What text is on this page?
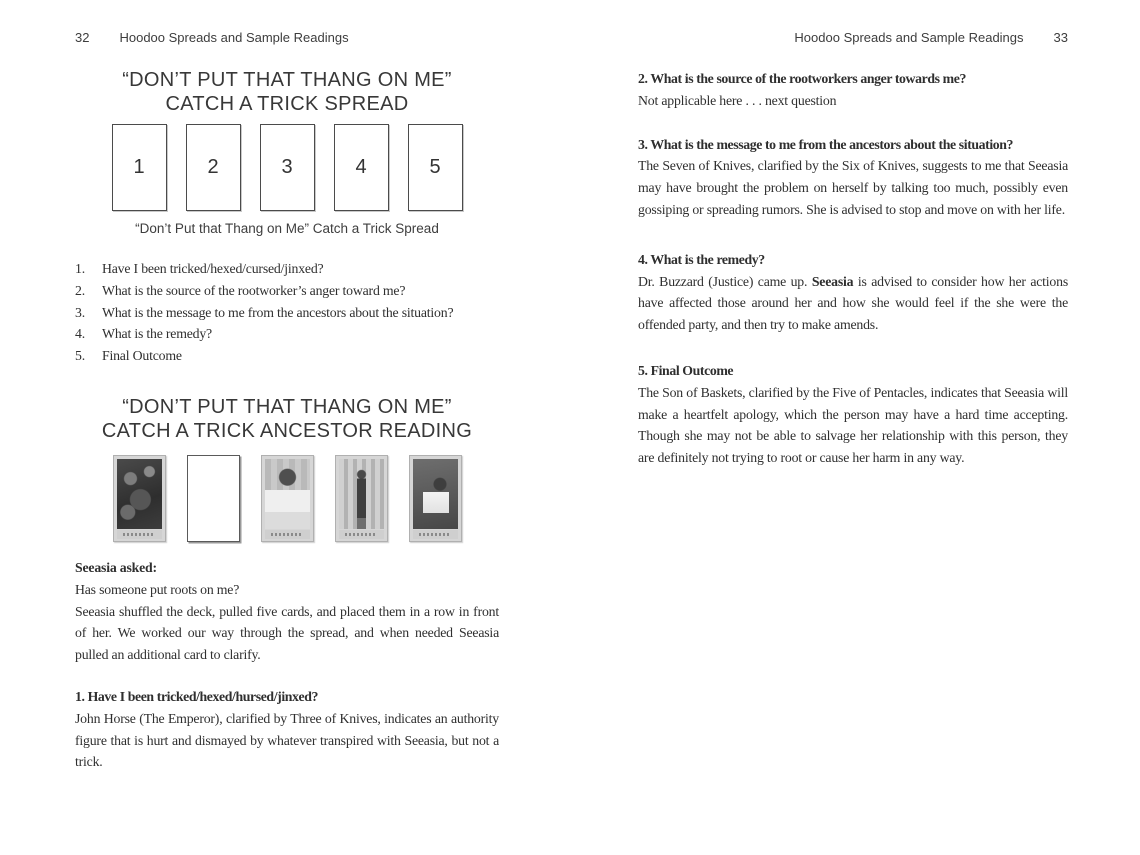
32 Hoodoo Spreads and Sample Readings
“DON’T PUT THAT THANG ON ME”
CATCH A TRICK SPREAD
1	2	3	4	5
“Don’t Put that Thang on Me” Catch a Trick Spread
1.	Have I been tricked/hexed/cursed/jinxed?
2.	What is the source of the rootworker’s anger toward me?
3.	What is the message to me from the ancestors about the situation?
4.	What is the remedy?
5.	Final Outcome
“DON’T PUT THAT THANG ON ME”
CATCH A TRICK ANCESTOR READING
Seeasia asked:
Has someone put roots on me?
Seeasia shuffled the deck, pulled five cards, and placed them in a row in front of her. We worked our way through the spread, and when needed Seeasia pulled an additional card to clarify.
1. Have I been tricked/hexed/hursed/jinxed?
John Horse (The Emperor), clarified by Three of Knives, indicates an authority figure that is hurt and dismayed by whatever transpired with Seeasia, but not a trick.
Hoodoo Spreads and Sample Readings 33
2. What is the source of the rootworkers anger towards me?
Not applicable here . . . next question
3. What is the message to me from the ancestors about the situation?
The Seven of Knives, clarified by the Six of Knives, suggests to me that Seeasia may have brought the problem on herself by talking too much, possibly even gossiping or spreading rumors. She is advised to stop and move on with her life.
4. What is the remedy?
Dr. Buzzard (Justice) came up. Seeasia is advised to consider how her actions have affected those around her and how she would feel if the she were the offended party, and then try to make amends.
5. Final Outcome
The Son of Baskets, clarified by the Five of Pentacles, indicates that Seeasia will make a heartfelt apology, which the person may have a hard time accepting. Though she may not be able to salvage her relationship with this person, they are definitely not trying to root or cause her harm in any way.
